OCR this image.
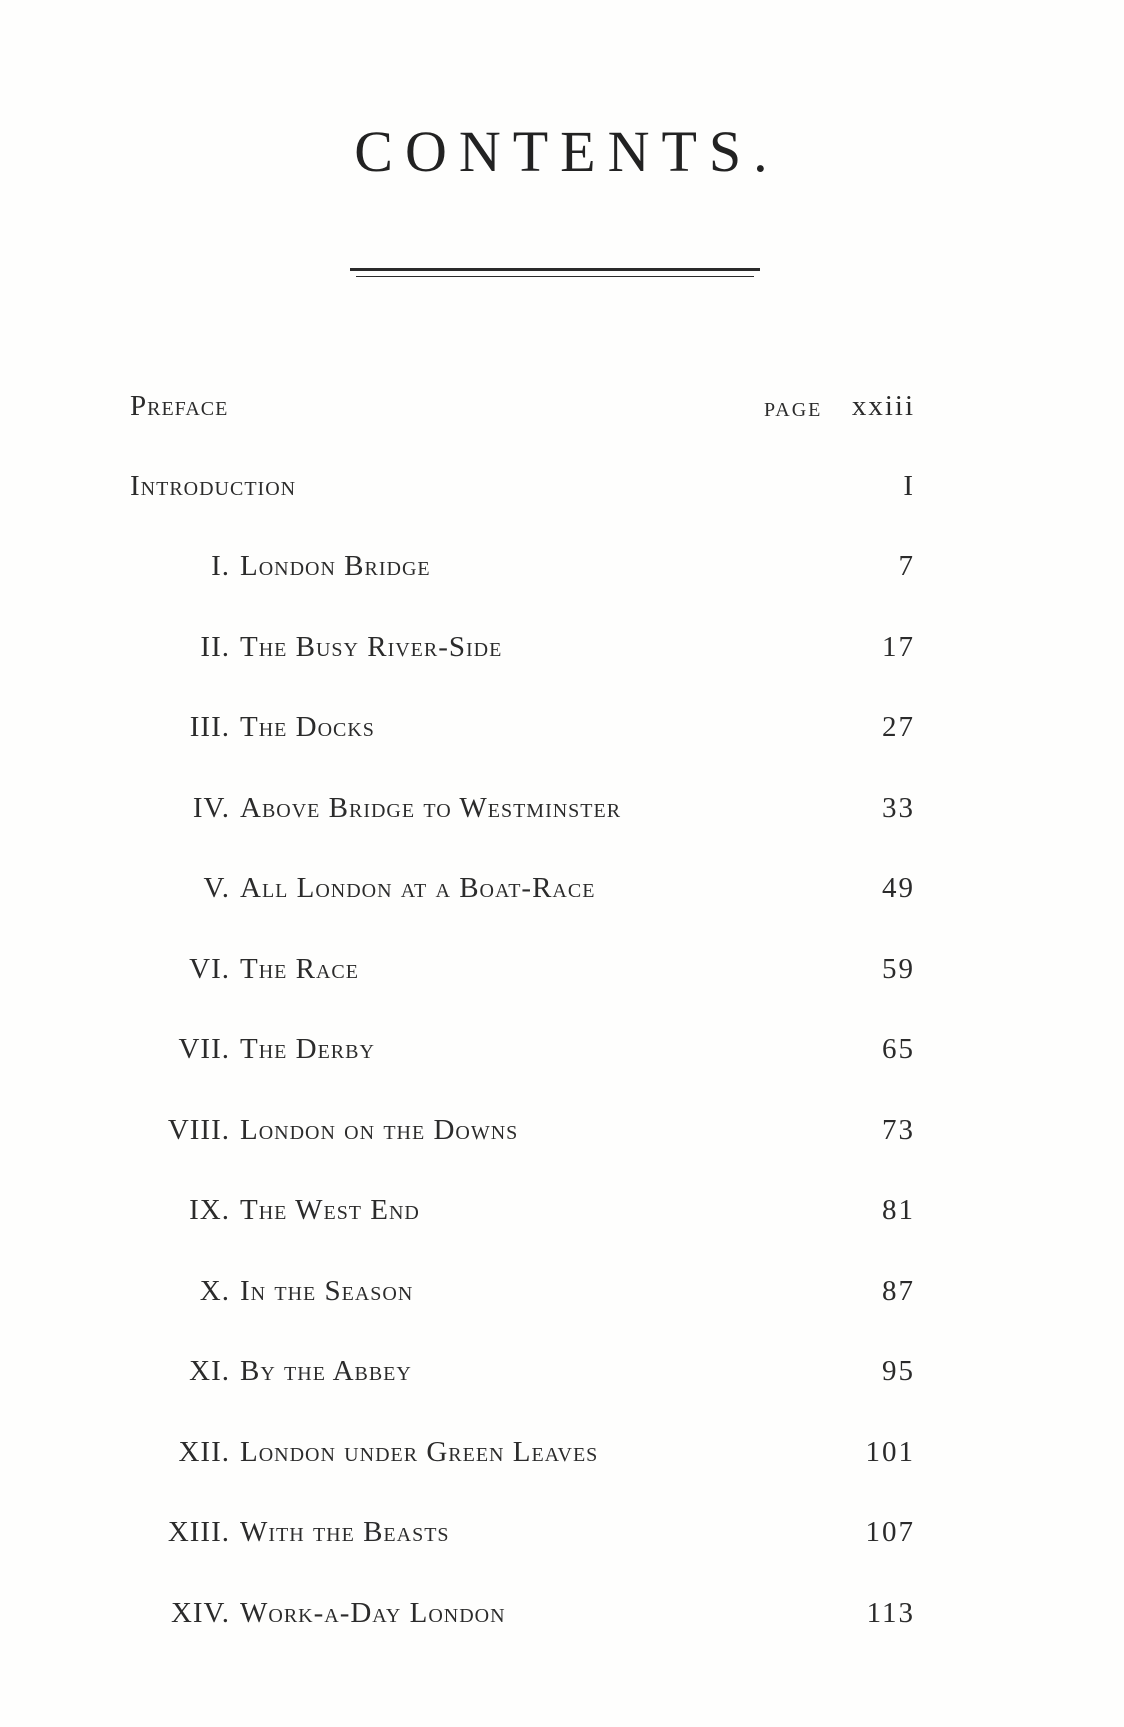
CONTENTS.
Preface	PAGE xxiii
Introduction	I
I. London Bridge	7
II. The Busy River-Side	17
III. The Docks	27
IV. Above Bridge to Westminster	33
V. All London at a Boat-Race	49
VI. The Race	59
VII. The Derby	65
VIII. London on the Downs	73
IX. The West End	81
X. In the Season	87
XI. By the Abbey	95
XII. London under Green Leaves	101
XIII. With the Beasts	107
XIV. Work-a-Day London	113
